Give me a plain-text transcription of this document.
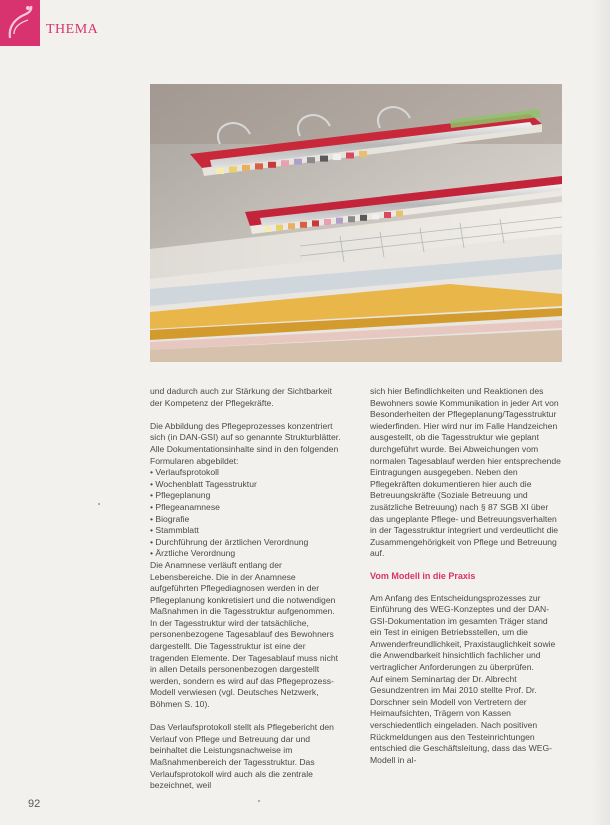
THEMA

und dadurch auch zur Stärkung der Sichtbarkeit der Kompetenz der Pflegekräfte.

Die Abbildung des Pflegeprozesses konzentriert sich (in DAN-GSI) auf so genannte Strukturblätter. Alle Dokumentationsinhalte sind in den folgenden Formularen abgebildet:

• Verlaufsprotokoll
• Wochenblatt Tagesstruktur
• Pflegeplanung
• Pflegeanamnese
• Biografie
• Stammblatt
• Durchführung der ärztlichen Verordnung
• Ärztliche Verordnung

Die Anamnese verläuft entlang der Lebensbereiche. Die in der Anamnese aufgeführten Pflegediagnosen werden in der Pflegeplanung konkretisiert und die notwendigen Maßnahmen in die Tagesstruktur aufgenommen. In der Tagesstruktur wird der tatsächliche, personenbezogene Tagesablauf des Bewohners dargestellt. Die Tagesstruktur ist eine der tragenden Elemente. Der Tagesablauf muss nicht in allen Details personenbezogen dargestellt werden, sondern es wird auf das Pflegeprozess-Modell verwiesen (vgl. Deutsches Netzwerk, Böhmen S. 10).

Das Verlaufsprotokoll stellt als Pflegebericht den Verlauf von Pflege und Betreuung dar und beinhaltet die Leistungsnachweise im Maßnahmenbereich der Tagesstruktur. Das Verlaufsprotokoll wird auch als die zentrale bezeichnet, weil

sich hier Befindlichkeiten und Reaktionen des Bewohners sowie Kommunikation in jeder Art von Besonderheiten der Pflegeplanung/Tagesstruktur wiederfinden. Hier wird nur im Falle Handzeichen ausgestellt, ob die Tagesstruktur wie geplant durchgeführt wurde. Bei Abweichungen vom normalen Tagesablauf werden hier entsprechende Eintragungen ausgegeben. Neben den Pflegekräften dokumentieren hier auch die Betreuungskräfte (Soziale Betreuung und zusätzliche Betreuung) nach § 87 SGB XI über das ungeplante Pflege- und Betreuungsverhalten in der Tagesstruktur integriert und verdeutlicht die Zusammengehörigkeit von Pflege und Betreuung auf.

Vom Modell in die Praxis

Am Anfang des Entscheidungsprozesses zur Einführung des WEG-Konzeptes und der DAN-GSI-Dokumentation im gesamten Träger stand ein Test in einigen Betriebsstellen, um die Anwenderfreundlichkeit, Praxistauglichkeit sowie die Anwendbarkeit hinsichtlich fachlicher und vertraglicher Anforderungen zu überprüfen.

Auf einem Seminartag der Dr. Albrecht Gesundzentren im Mai 2010 stellte Prof. Dr. Dorschner sein Modell von Vertretern der Heimaufsichten, Trägern von Kassen verschiedentlich eingeladen. Nach positiven Rückmeldungen aus den Testeinrichtungen entschied die Geschäftsleitung, dass das WEG-Modell in al-

92
